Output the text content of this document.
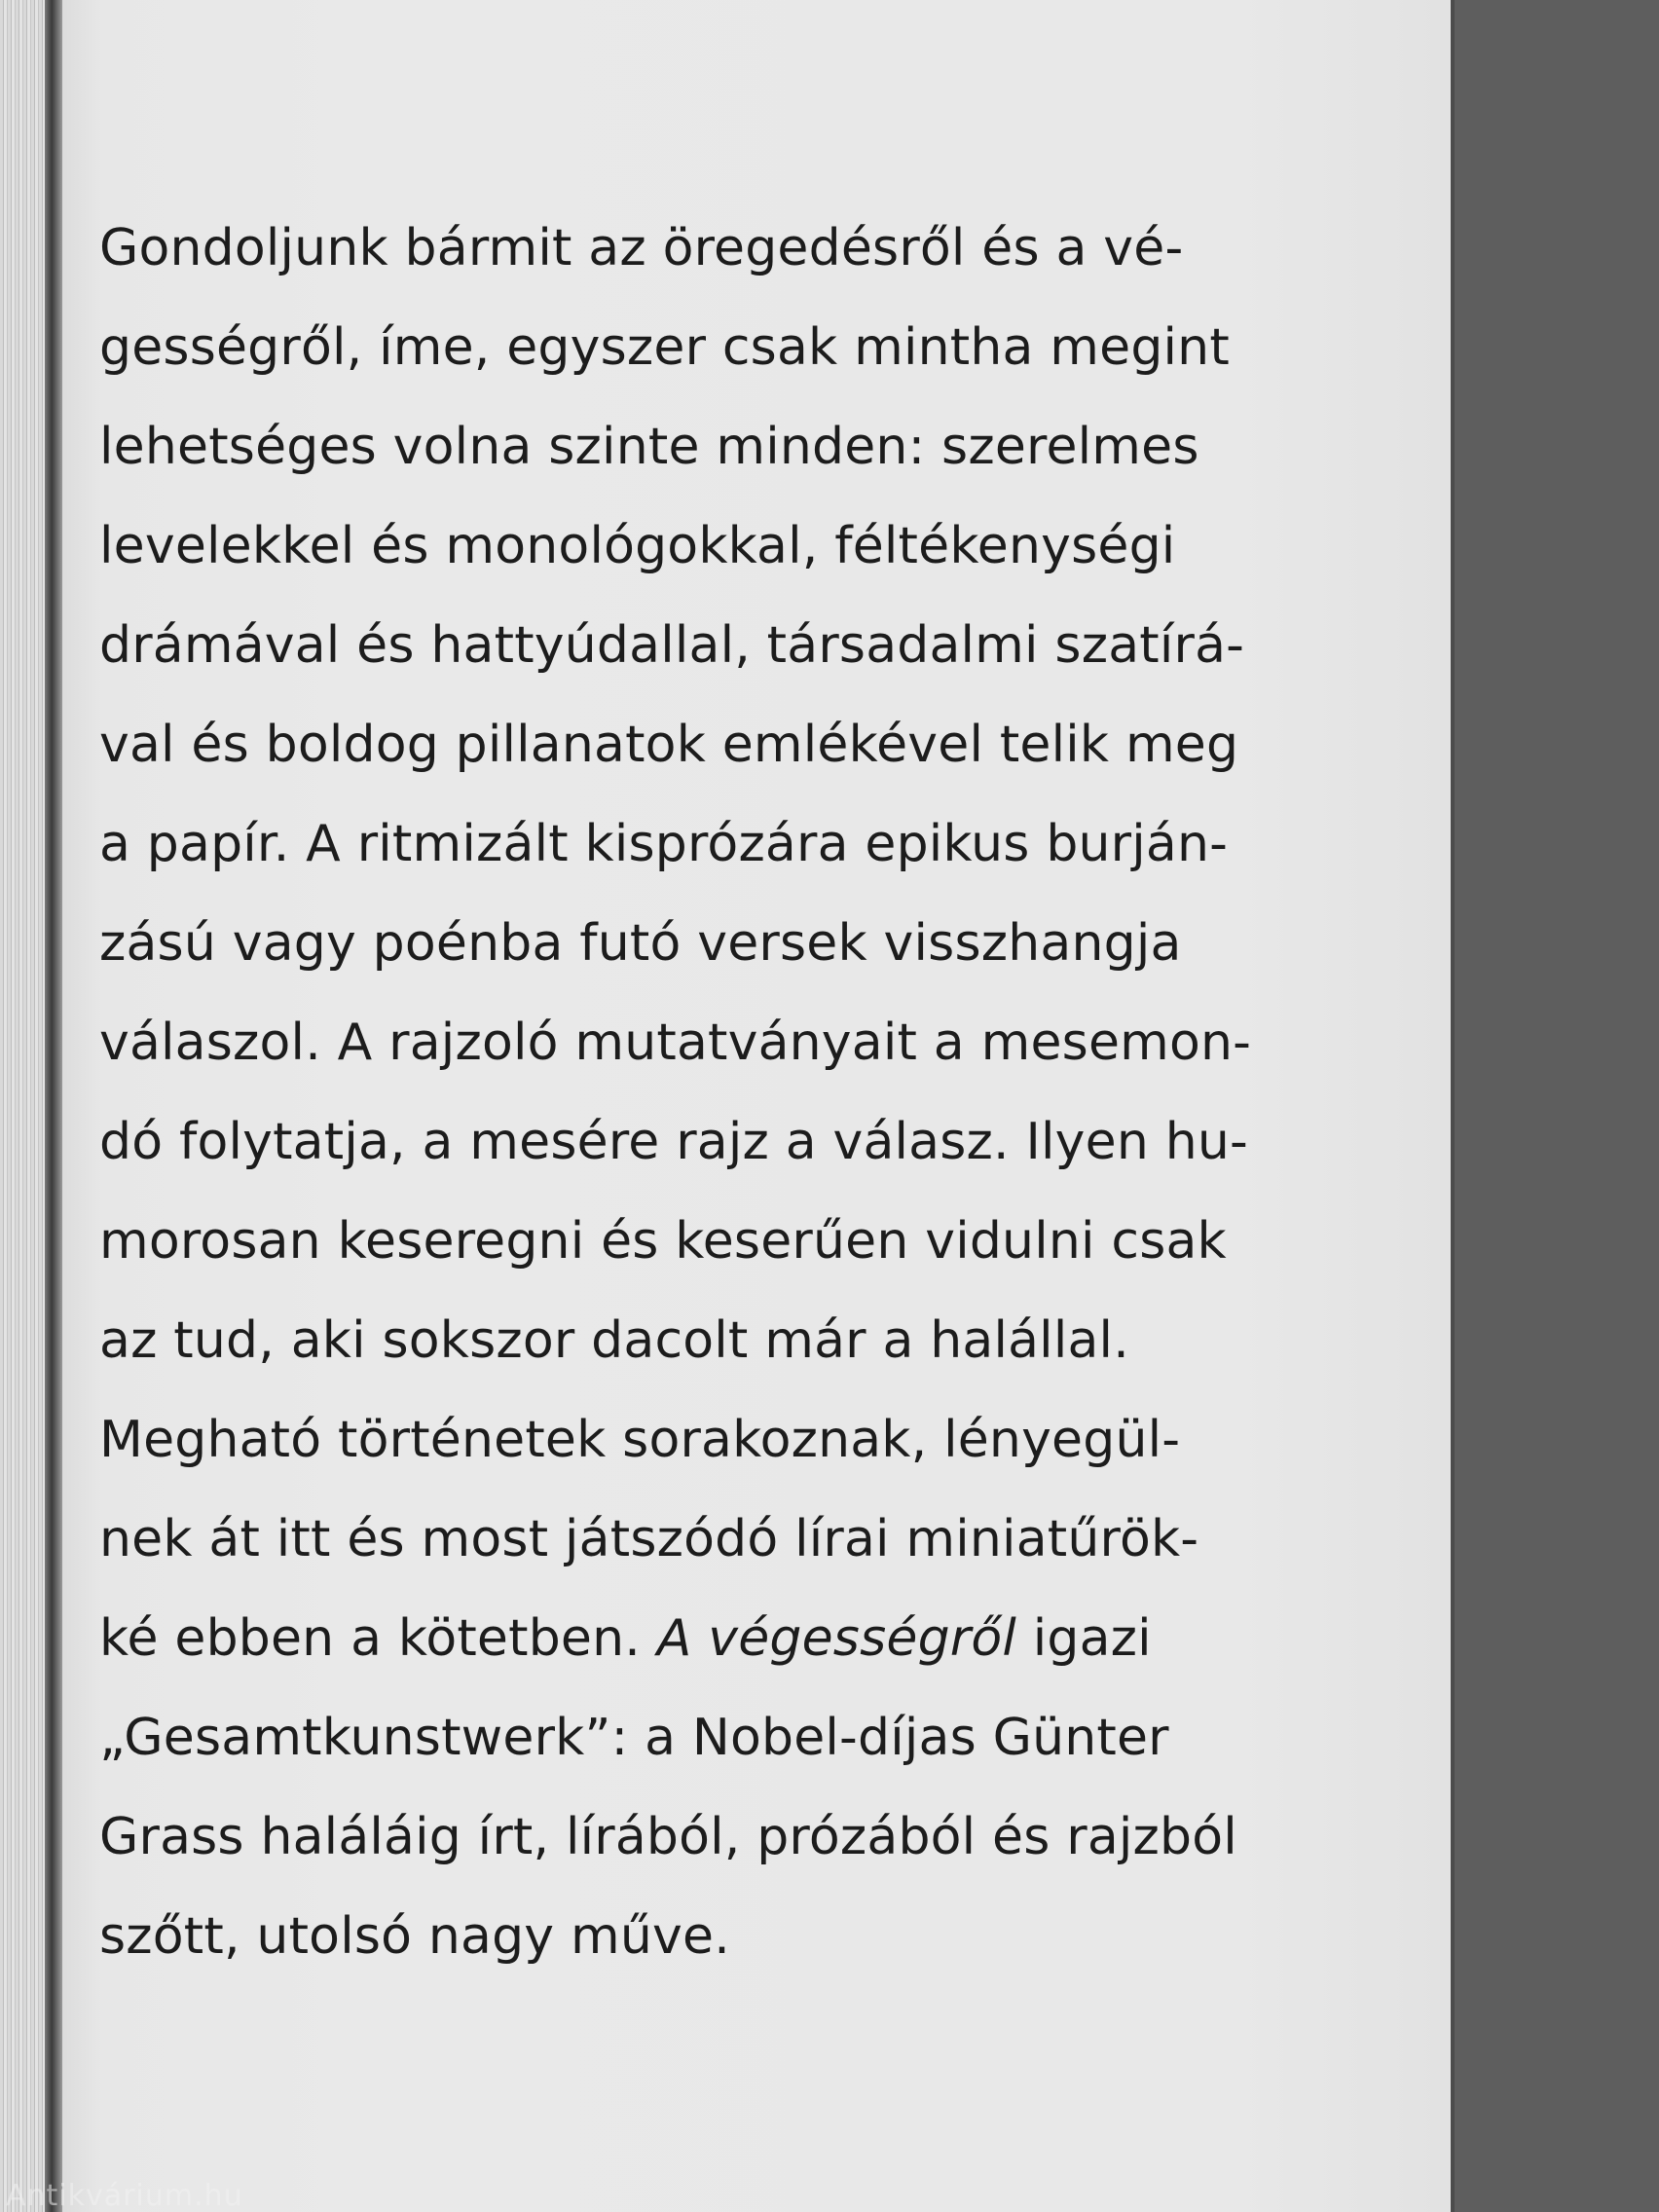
Gondoljunk bármit az öregedésről és a vé-
gességről, íme, egyszer csak mintha megint
lehetséges volna szinte minden: szerelmes
levelekkel és monológokkal, féltékenységi
drámával és hattyúdallal, társadalmi szatírá-
val és boldog pillanatok emlékével telik meg
a papír. A ritmizált kisprózára epikus burján-
zású vagy poénba futó versek visszhangja
válaszol. A rajzoló mutatványait a mesemon-
dó folytatja, a mesére rajz a válasz. Ilyen hu-
morosan keseregni és keserűen vidulni csak
az tud, aki sokszor dacolt már a halállal.
Megható történetek sorakoznak, lényegül-
nek át itt és most játszódó lírai miniatűrök-
ké ebben a kötetben. A végességről igazi
„Gesamtkunstwerk”: a Nobel-díjas Günter
Grass haláláig írt, lírából, prózából és rajzból
szőtt, utolsó nagy műve.

Antikvárium.hu
